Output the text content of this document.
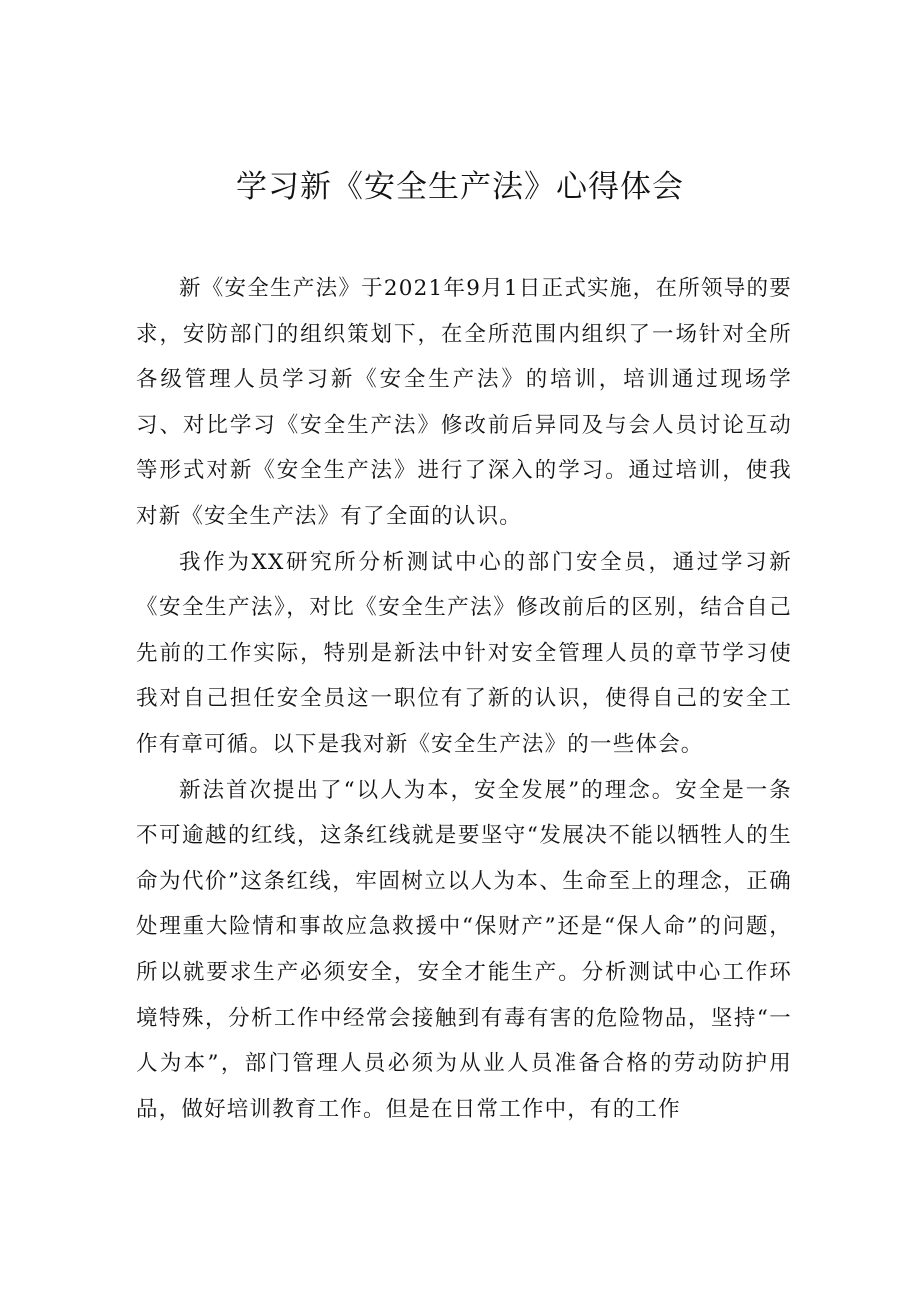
学习新《安全生产法》心得体会

新《安全生产法》于2021年9月1日正式实施，在所领导的要求，安防部门的组织策划下，在全所范围内组织了一场针对全所各级管理人员学习新《安全生产法》的培训，培训通过现场学习、对比学习《安全生产法》修改前后异同及与会人员讨论互动等形式对新《安全生产法》进行了深入的学习。通过培训，使我对新《安全生产法》有了全面的认识。

我作为XX研究所分析测试中心的部门安全员，通过学习新《安全生产法》，对比《安全生产法》修改前后的区别，结合自己先前的工作实际，特别是新法中针对安全管理人员的章节学习使我对自己担任安全员这一职位有了新的认识，使得自己的安全工作有章可循。以下是我对新《安全生产法》的一些体会。

新法首次提出了“以人为本，安全发展”的理念。安全是一条不可逾越的红线，这条红线就是要坚守“发展决不能以牺牲人的生命为代价”这条红线，牢固树立以人为本、生命至上的理念，正确处理重大险情和事故应急救援中“保财产”还是“保人命”的问题，所以就要求生产必须安全，安全才能生产。分析测试中心工作环境特殊，分析工作中经常会接触到有毒有害的危险物品，坚持“一人为本”，部门管理人员必须为从业人员准备合格的劳动防护用品，做好培训教育工作。但是在日常工作中，有的工作
